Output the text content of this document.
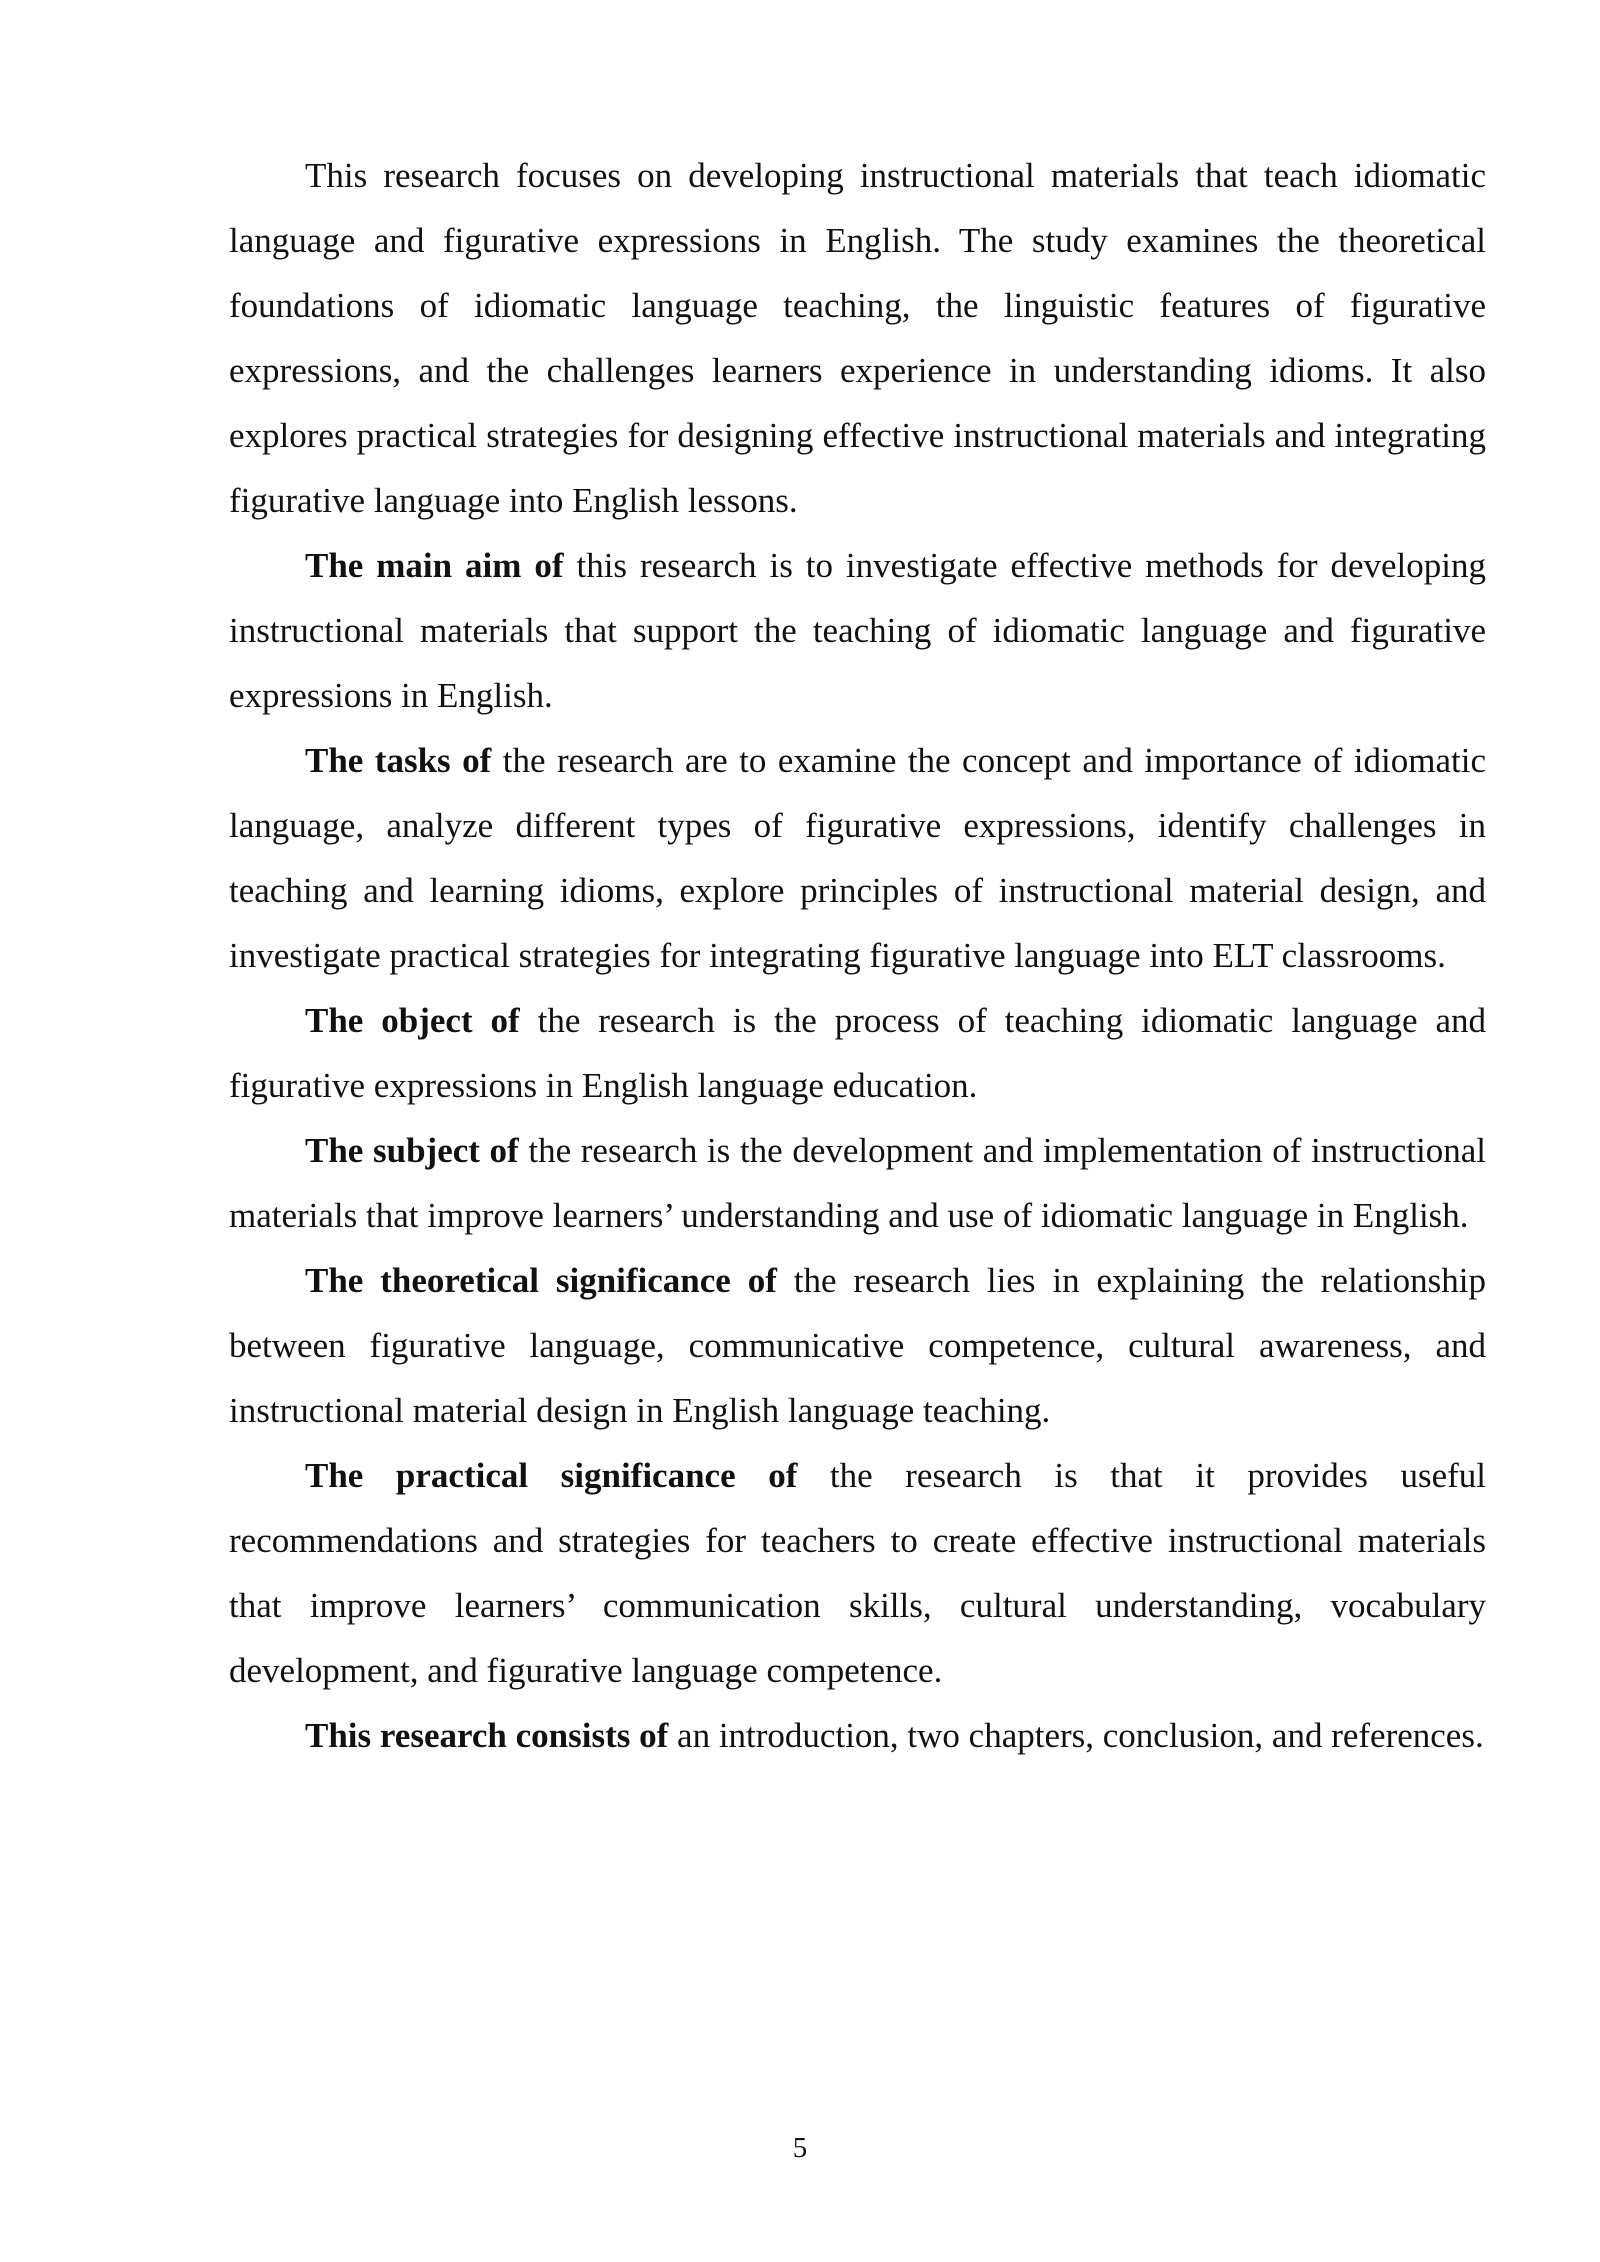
This research focuses on developing instructional materials that teach idiomatic language and figurative expressions in English. The study examines the theoretical foundations of idiomatic language teaching, the linguistic features of figurative expressions, and the challenges learners experience in understanding idioms. It also explores practical strategies for designing effective instructional materials and integrating figurative language into English lessons.

The main aim of this research is to investigate effective methods for developing instructional materials that support the teaching of idiomatic language and figurative expressions in English.

The tasks of the research are to examine the concept and importance of idiomatic language, analyze different types of figurative expressions, identify challenges in teaching and learning idioms, explore principles of instructional material design, and investigate practical strategies for integrating figurative language into ELT classrooms.

The object of the research is the process of teaching idiomatic language and figurative expressions in English language education.

The subject of the research is the development and implementation of instructional materials that improve learners’ understanding and use of idiomatic language in English.

The theoretical significance of the research lies in explaining the relationship between figurative language, communicative competence, cultural awareness, and instructional material design in English language teaching.

The practical significance of the research is that it provides useful recommendations and strategies for teachers to create effective instructional materials that improve learners’ communication skills, cultural understanding, vocabulary development, and figurative language competence.

This research consists of an introduction, two chapters, conclusion, and references.

5
